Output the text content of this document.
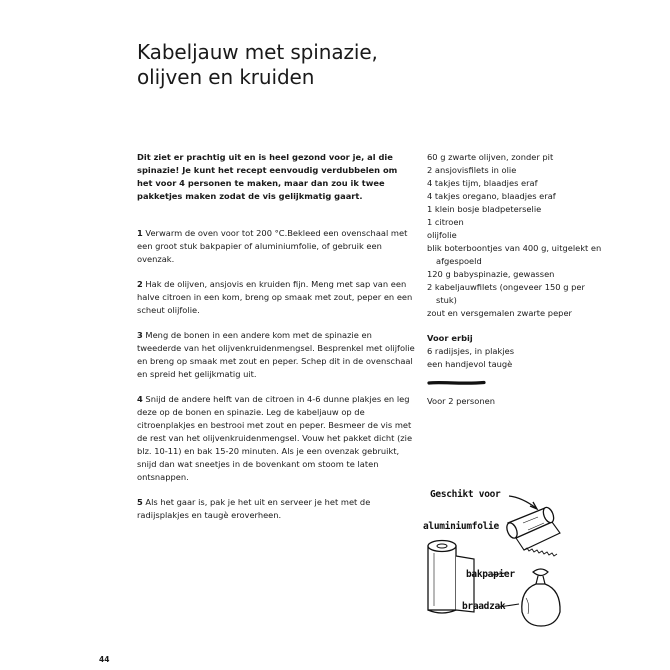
Kabeljauw met spinazie,
olijven en kruiden

Dit ziet er prachtig uit en is heel gezond voor je, al die spinazie! Je kunt het recept eenvoudig verdubbelen om het voor 4 personen te maken, maar dan zou ik twee pakketjes maken zodat de vis gelijkmatig gaart.

1 Verwarm de oven voor tot 200 °C.Bekleed een ovenschaal met een groot stuk bakpapier of aluminiumfolie, of gebruik een ovenzak.

2 Hak de olijven, ansjovis en kruiden fijn. Meng met sap van een halve citroen in een kom, breng op smaak met zout, peper en een scheut olijfolie.

3 Meng de bonen in een andere kom met de spinazie en tweederde van het olijvenkruidenmengsel. Besprenkel met olijfolie en breng op smaak met zout en peper. Schep dit in de ovenschaal en spreid het gelijkmatig uit.

4 Snijd de andere helft van de citroen in 4-6 dunne plakjes en leg deze op de bonen en spinazie. Leg de kabeljauw op de citroenplakjes en bestrooi met zout en peper. Besmeer de vis met de rest van het olijvenkruidenmengsel. Vouw het pakket dicht (zie blz. 10-11) en bak 15-20 minuten. Als je een ovenzak gebruikt, snijd dan wat sneetjes in de bovenkant om stoom te laten ontsnappen.

5 Als het gaar is, pak je het uit en serveer je het met de radijsplakjes en taugè eroverheen.

60 g zwarte olijven, zonder pit

2 ansjovisfilets in olie

4 takjes tijm, blaadjes eraf

4 takjes oregano, blaadjes eraf

1 klein bosje bladpeterselie

1 citroen

olijfolie

blik boterboontjes van 400 g, uitgelekt en afgespoeld

120 g babyspinazie, gewassen

2 kabeljauwfilets (ongeveer 150 g per stuk)

zout en versgemalen zwarte peper

Voor erbij

6 radijsjes, in plakjes

een handjevol taugè

Voor 2 personen

Geschikt voor
aluminiumfolie
bakpapier
braadzak
44
